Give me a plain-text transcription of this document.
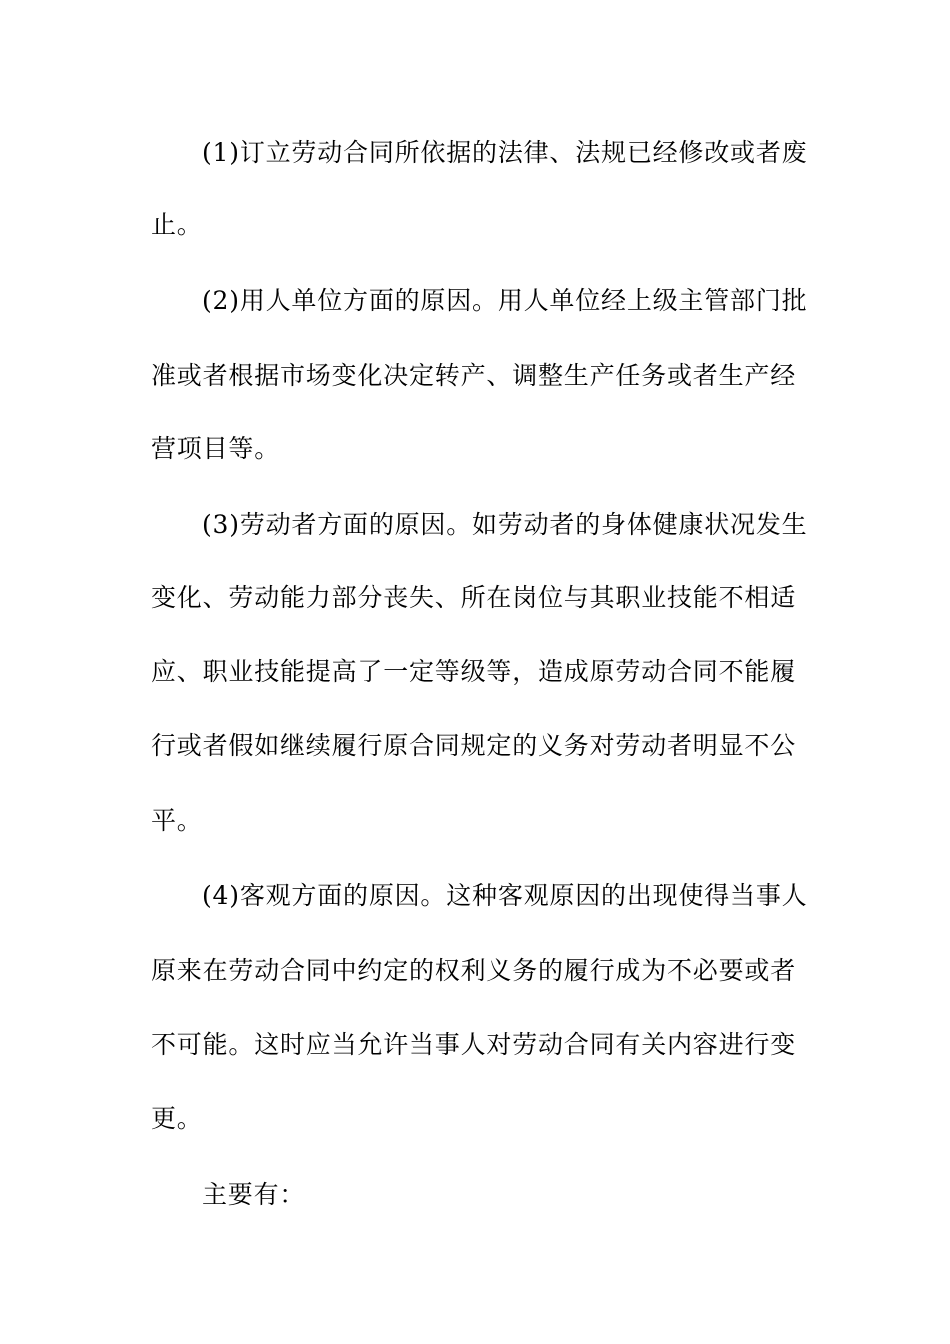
(1)订立劳动合同所依据的法律、法规已经修改或者废
止。
(2)用人单位方面的原因。用人单位经上级主管部门批
准或者根据市场变化决定转产、调整生产任务或者生产经
营项目等。
(3)劳动者方面的原因。如劳动者的身体健康状况发生
变化、劳动能力部分丧失、所在岗位与其职业技能不相适
应、职业技能提高了一定等级等，造成原劳动合同不能履
行或者假如继续履行原合同规定的义务对劳动者明显不公
平。
(4)客观方面的原因。这种客观原因的出现使得当事人
原来在劳动合同中约定的权利义务的履行成为不必要或者
不可能。这时应当允许当事人对劳动合同有关内容进行变
更。
主要有：
